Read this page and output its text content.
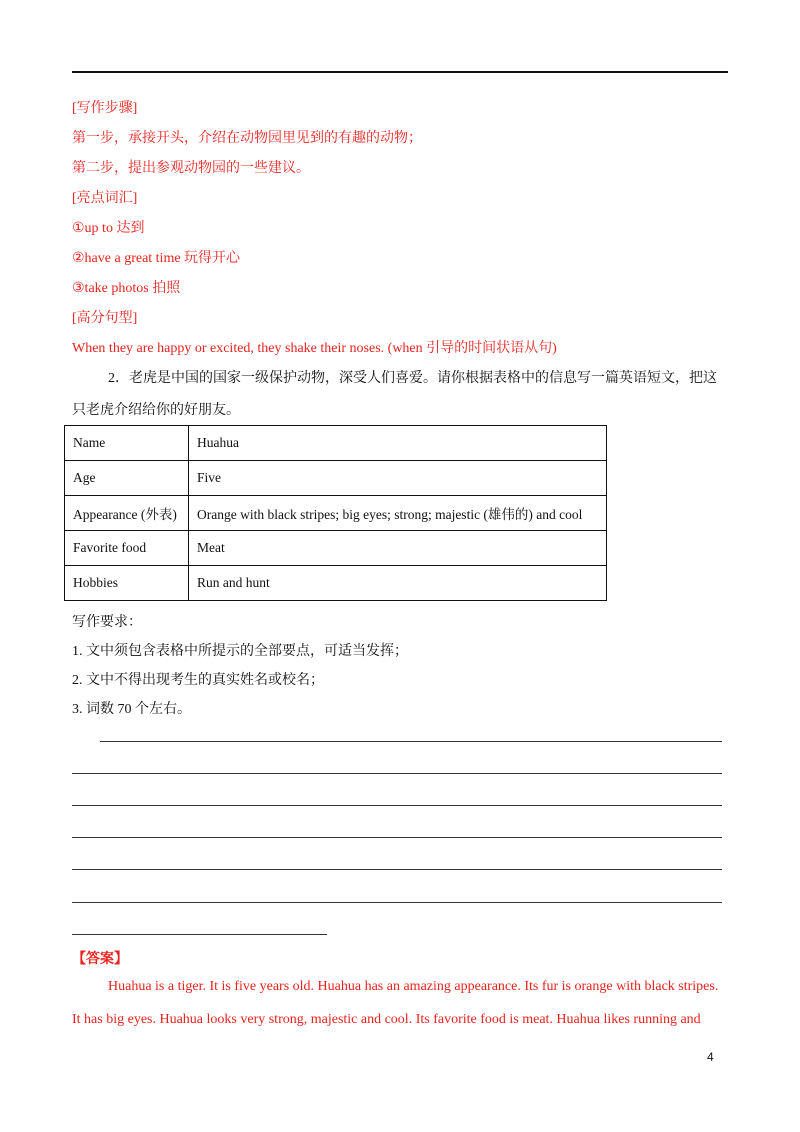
[写作步骤]
第一步，承接开头，介绍在动物园里见到的有趣的动物；
第二步，提出参观动物园的一些建议。
[亮点词汇]
①up to 达到
②have a great time 玩得开心
③take photos 拍照
[高分句型]
When they are happy or excited, they shake their noses. (when 引导的时间状语从句)
2．老虎是中国的国家一级保护动物，深受人们喜爱。请你根据表格中的信息写一篇英语短文，把这
只老虎介绍给你的好朋友。
Name	Huahua
Age	Five
Appearance (外表)	Orange with black stripes; big eyes; strong; majestic (雄伟的) and cool
Favorite food	Meat
Hobbies	Run and hunt
写作要求：
1. 文中须包含表格中所提示的全部要点，可适当发挥；
2. 文中不得出现考生的真实姓名或校名；
3. 词数 70 个左右。
【答案】
Huahua is a tiger. It is five years old. Huahua has an amazing appearance. Its fur is orange with black stripes.
It has big eyes. Huahua looks very strong, majestic and cool. Its favorite food is meat. Huahua likes running and
4
